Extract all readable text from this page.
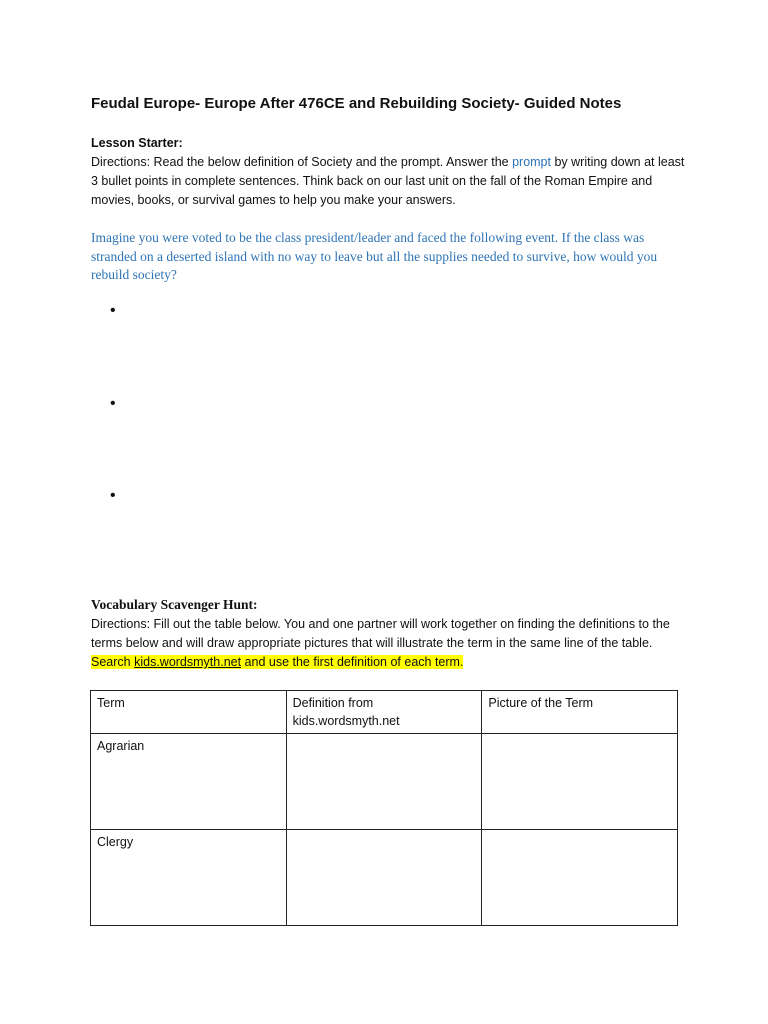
Feudal Europe- Europe After 476CE and Rebuilding Society- Guided Notes
Lesson Starter:
Directions: Read the below definition of Society and the prompt. Answer the prompt by writing down at least 3 bullet points in complete sentences. Think back on our last unit on the fall of the Roman Empire and movies, books, or survival games to help you make your answers.
Imagine you were voted to be the class president/leader and faced the following event. If the class was stranded on a deserted island with no way to leave but all the supplies needed to survive, how would you rebuild society?
•
•
•
Vocabulary Scavenger Hunt:
Directions: Fill out the table below. You and one partner will work together on finding the definitions to the terms below and will draw appropriate pictures that will illustrate the term in the same line of the table. Search kids.wordsmyth.net and use the first definition of each term.
Term	Definition from kids.wordsmyth.net	Picture of the Term
Agrarian		
Clergy		
